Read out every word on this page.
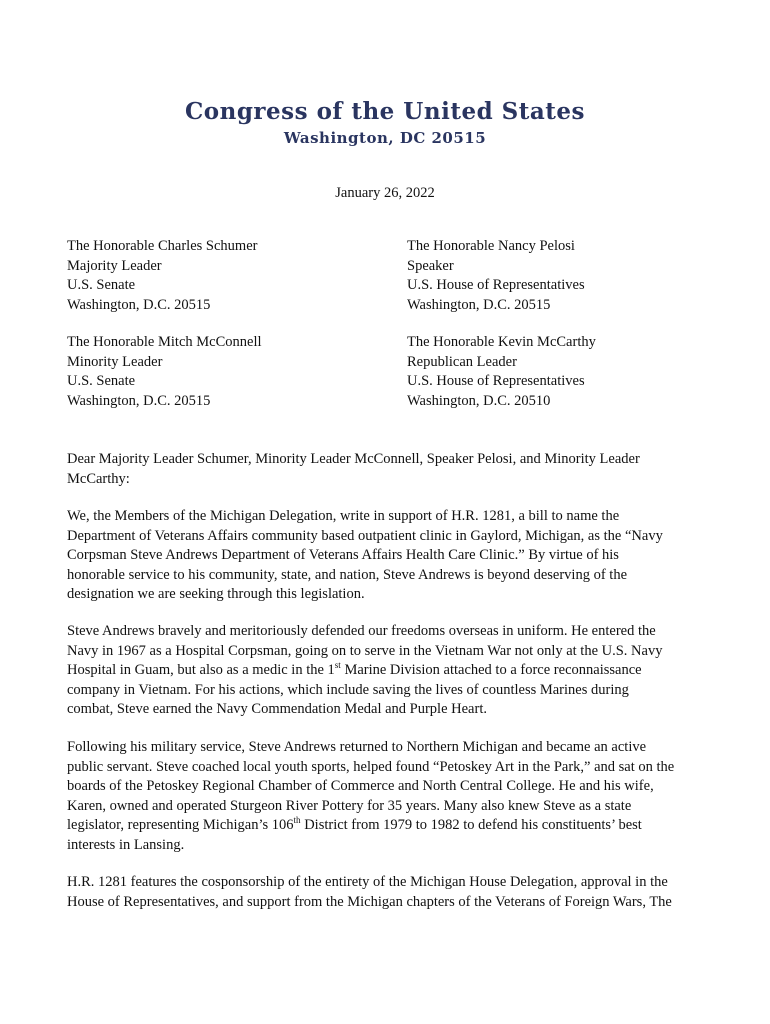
Congress of the United States
Washington, DC 20515
January 26, 2022
The Honorable Charles Schumer
Majority Leader
U.S. Senate
Washington, D.C. 20515
The Honorable Nancy Pelosi
Speaker
U.S. House of Representatives
Washington, D.C. 20515
The Honorable Mitch McConnell
Minority Leader
U.S. Senate
Washington, D.C. 20515
The Honorable Kevin McCarthy
Republican Leader
U.S. House of Representatives
Washington, D.C. 20510
Dear Majority Leader Schumer, Minority Leader McConnell, Speaker Pelosi, and Minority Leader
McCarthy:
We, the Members of the Michigan Delegation, write in support of H.R. 1281, a bill to name the
Department of Veterans Affairs community based outpatient clinic in Gaylord, Michigan, as the “Navy
Corpsman Steve Andrews Department of Veterans Affairs Health Care Clinic.” By virtue of his
honorable service to his community, state, and nation, Steve Andrews is beyond deserving of the
designation we are seeking through this legislation.
Steve Andrews bravely and meritoriously defended our freedoms overseas in uniform. He entered the
Navy in 1967 as a Hospital Corpsman, going on to serve in the Vietnam War not only at the U.S. Navy
Hospital in Guam, but also as a medic in the 1st Marine Division attached to a force reconnaissance
company in Vietnam. For his actions, which include saving the lives of countless Marines during
combat, Steve earned the Navy Commendation Medal and Purple Heart.
Following his military service, Steve Andrews returned to Northern Michigan and became an active
public servant. Steve coached local youth sports, helped found “Petoskey Art in the Park,” and sat on the
boards of the Petoskey Regional Chamber of Commerce and North Central College. He and his wife,
Karen, owned and operated Sturgeon River Pottery for 35 years. Many also knew Steve as a state
legislator, representing Michigan’s 106th District from 1979 to 1982 to defend his constituents’ best
interests in Lansing.
H.R. 1281 features the cosponsorship of the entirety of the Michigan House Delegation, approval in the
House of Representatives, and support from the Michigan chapters of the Veterans of Foreign Wars, The
